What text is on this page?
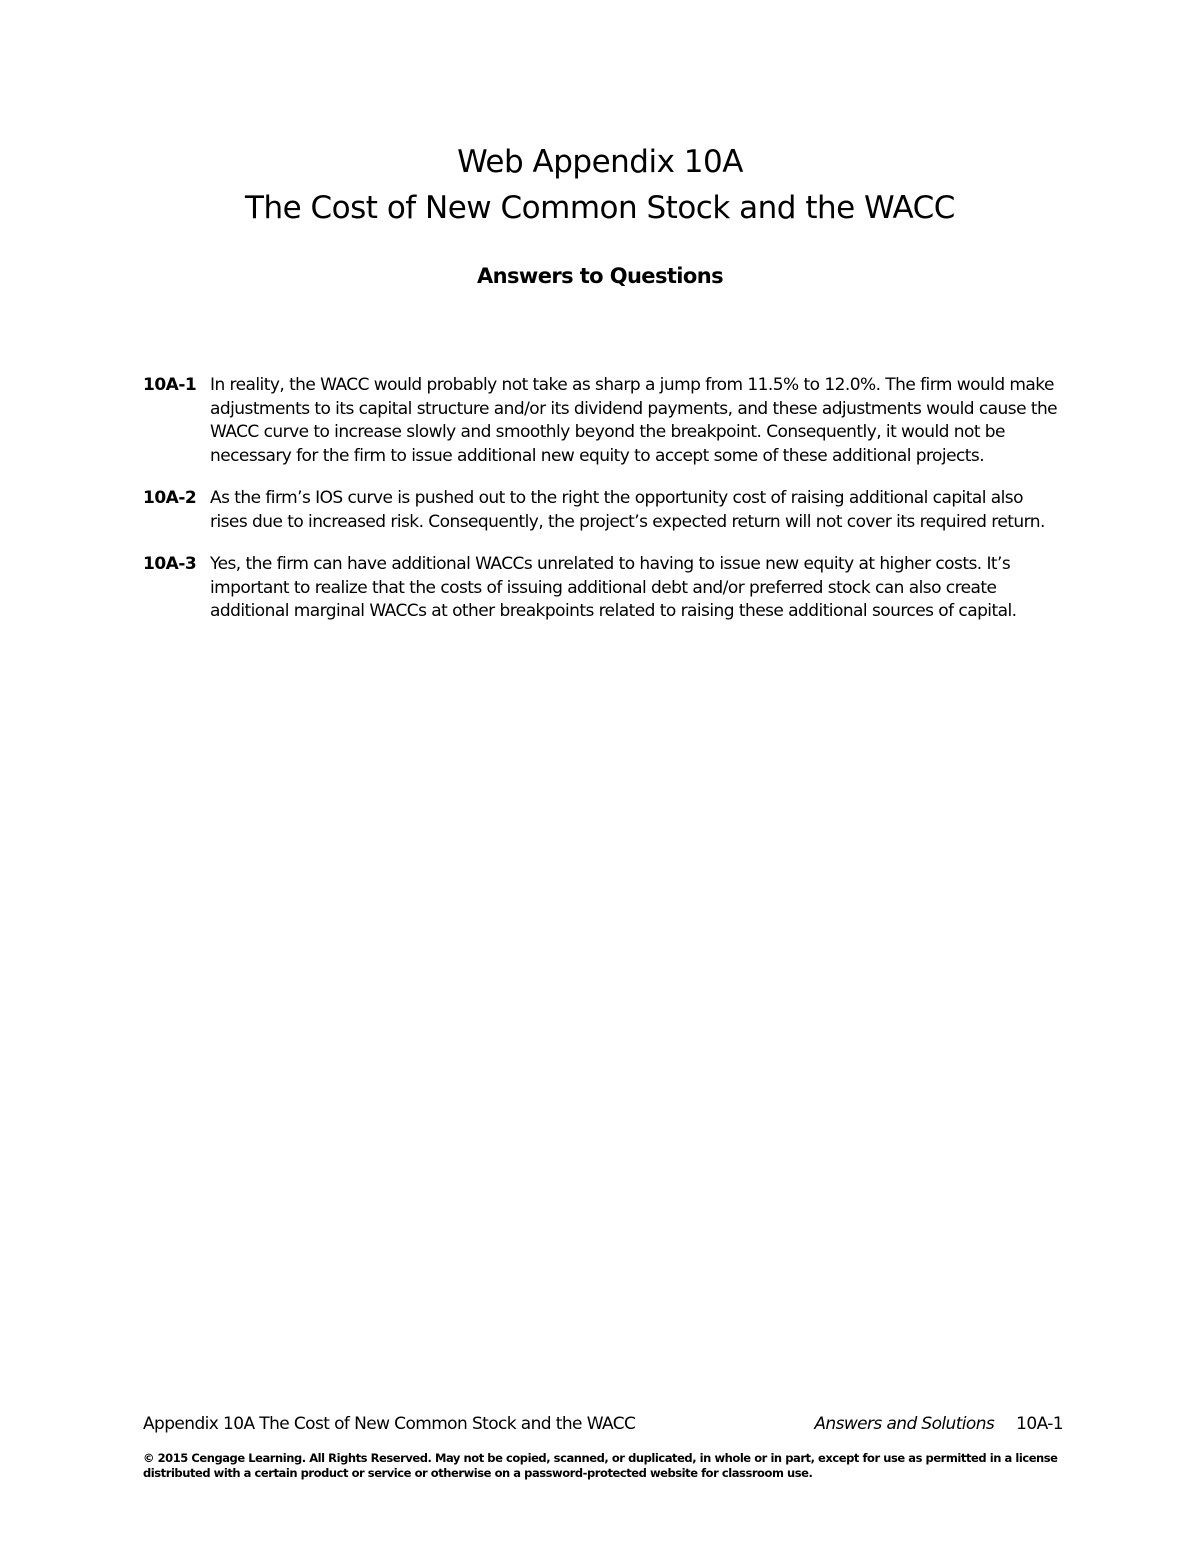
Web Appendix 10A
The Cost of New Common Stock and the WACC
Answers to Questions
10A-1 In reality, the WACC would probably not take as sharp a jump from 11.5% to 12.0%. The firm would make adjustments to its capital structure and/or its dividend payments, and these adjustments would cause the WACC curve to increase slowly and smoothly beyond the breakpoint. Consequently, it would not be necessary for the firm to issue additional new equity to accept some of these additional projects.
10A-2 As the firm’s IOS curve is pushed out to the right the opportunity cost of raising additional capital also rises due to increased risk. Consequently, the project’s expected return will not cover its required return.
10A-3 Yes, the firm can have additional WACCs unrelated to having to issue new equity at higher costs. It’s important to realize that the costs of issuing additional debt and/or preferred stock can also create additional marginal WACCs at other breakpoints related to raising these additional sources of capital.
Appendix 10A The Cost of New Common Stock and the WACC	Answers and Solutions 10A-1
© 2015 Cengage Learning. All Rights Reserved. May not be copied, scanned, or duplicated, in whole or in part, except for use as permitted in a license distributed with a certain product or service or otherwise on a password-protected website for classroom use.
